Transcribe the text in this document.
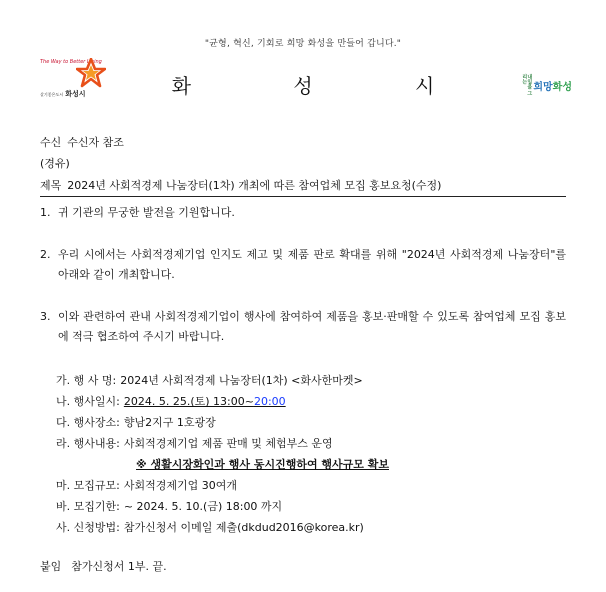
"균형, 혁신, 기회로 희망 화성을 만들어 갑니다."
The Way to Better Living
살기좋은도시 화성시	화 성 시	내일을 그리는
희망화성
수신 수신자 참조
(경유)
제목 2024년 사회적경제 나눔장터(1차) 개최에 따른 참여업체 모집 홍보요청(수정)
1. 귀 기관의 무궁한 발전을 기원합니다.
2. 우리 시에서는 사회적경제기업 인지도 제고 및 제품 판로 확대를 위해 "2024년 사회적경제 나눔장터"를 아래와 같이 개최합니다.
3. 이와 관련하여 관내 사회적경제기업이 행사에 참여하여 제품을 홍보·판매할 수 있도록 참여업체 모집 홍보에 적극 협조하여 주시기 바랍니다.
가. 행 사 명: 2024년 사회적경제 나눔장터(1차) <화사한마켓>
나. 행사일시: 2024. 5. 25.(토) 13:00~20:00
다. 행사장소: 향남2지구 1호광장
라. 행사내용: 사회적경제기업 제품 판매 및 체험부스 운영
※ 생활시장화인과 행사 동시진행하여 행사규모 확보
마. 모집규모: 사회적경제기업 30여개
바. 모집기한: ~ 2024. 5. 10.(금) 18:00 까지
사. 신청방법: 참가신청서 이메일 제출(dkdud2016@korea.kr)
붙임 참가신청서 1부. 끝.
